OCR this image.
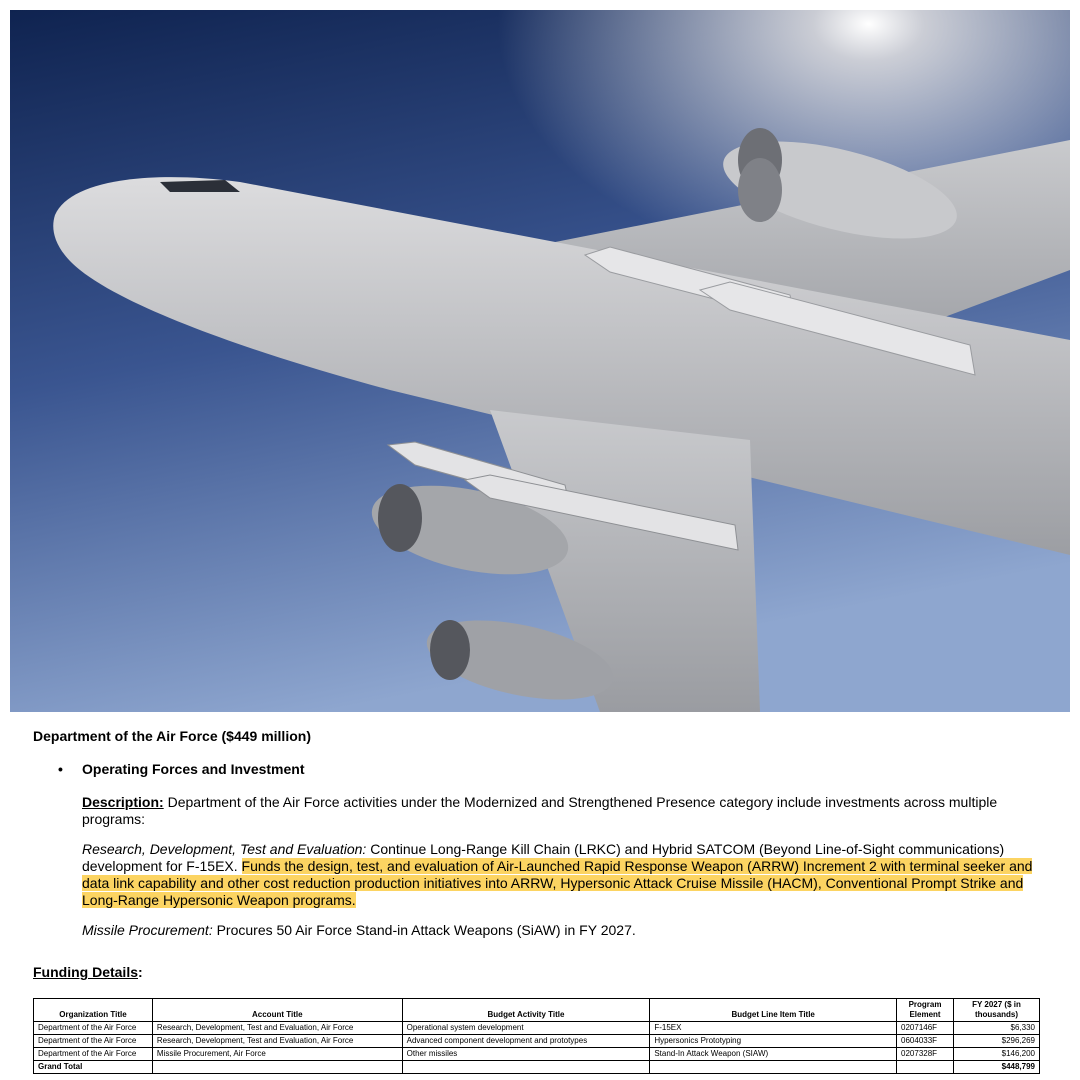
Department of the Air Force ($449 million)
• Operating Forces and Investment
Description: Department of the Air Force activities under the Modernized and Strengthened Presence category include investments across multiple programs:
Research, Development, Test and Evaluation: Continue Long-Range Kill Chain (LRKC) and Hybrid SATCOM (Beyond Line-of-Sight communications) development for F-15EX. Funds the design, test, and evaluation of Air-Launched Rapid Response Weapon (ARRW) Increment 2 with terminal seeker and data link capability and other cost reduction production initiatives into ARRW, Hypersonic Attack Cruise Missile (HACM), Conventional Prompt Strike and Long-Range Hypersonic Weapon programs.
Missile Procurement: Procures 50 Air Force Stand-in Attack Weapons (SiAW) in FY 2027.
Funding Details:
Organization Title	Account Title	Budget Activity Title	Budget Line Item Title	Program Element	FY 2027 ($ in thousands)
Department of the Air Force	Research, Development, Test and Evaluation, Air Force	Operational system development	F-15EX	0207146F	$6,330
Department of the Air Force	Research, Development, Test and Evaluation, Air Force	Advanced component development and prototypes	Hypersonics Prototyping	0604033F	$296,269
Department of the Air Force	Missile Procurement, Air Force	Other missiles	Stand-In Attack Weapon (SIAW)	0207328F	$146,200
Grand Total					$448,799
